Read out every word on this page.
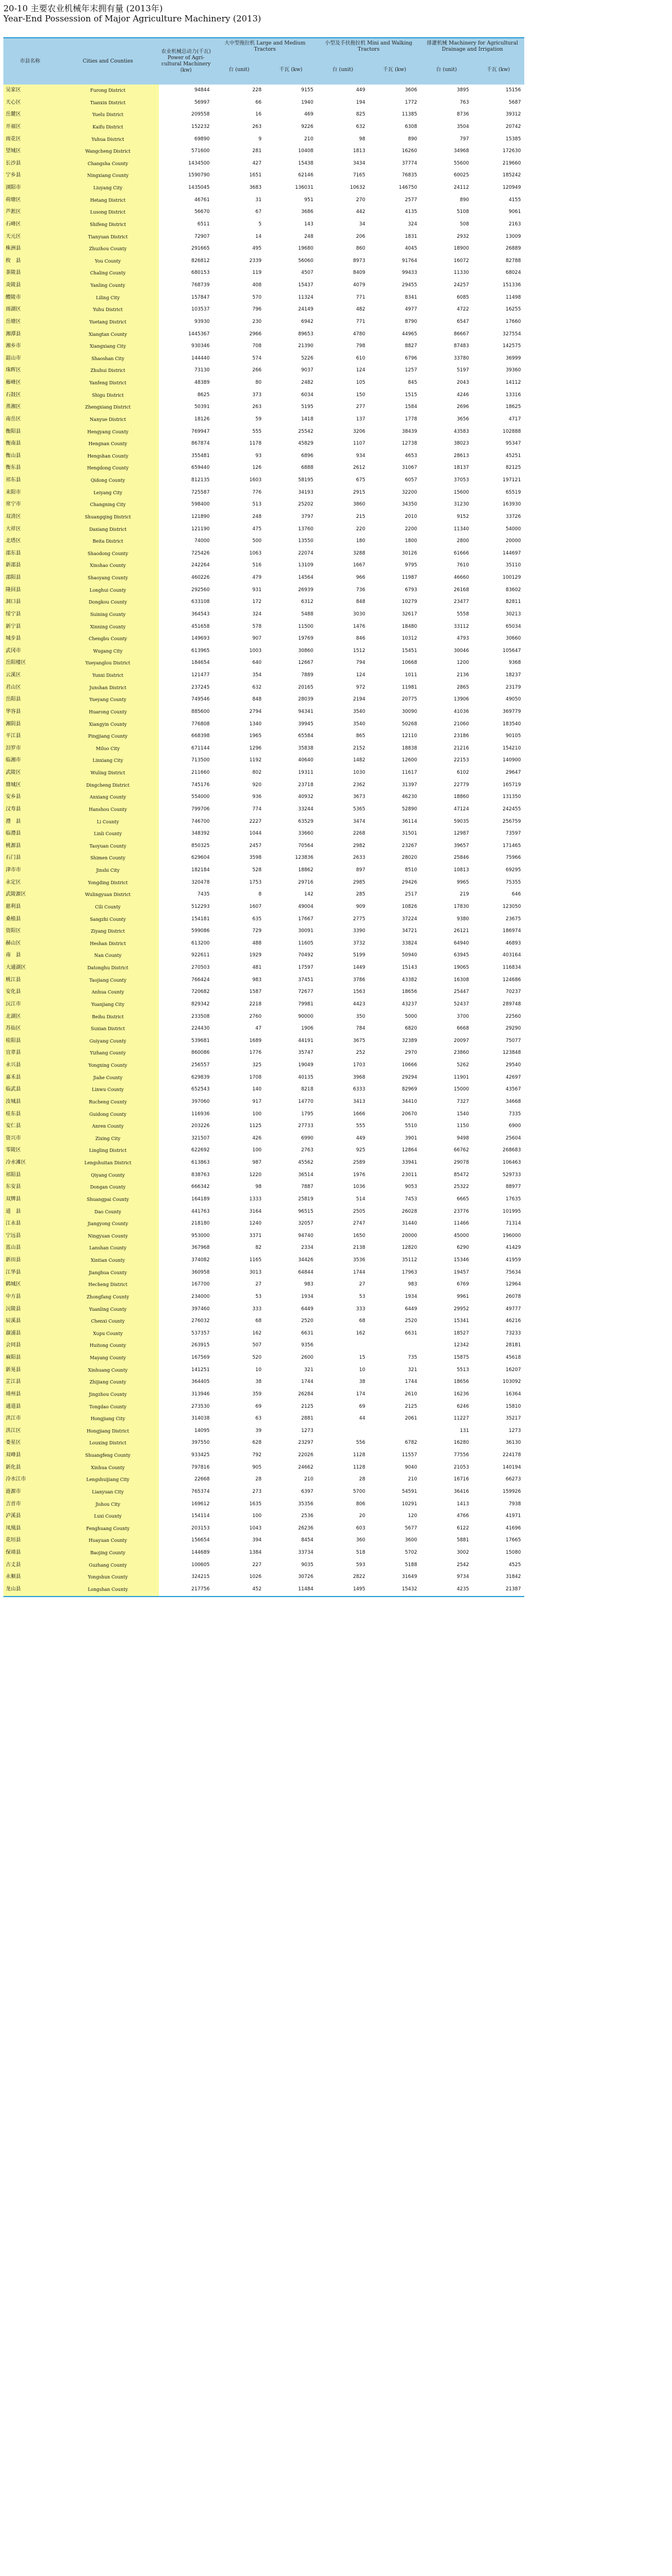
20-10 主要农业机械年末拥有量 (2013年)
Year-End Possession of Major Agriculture Machinery (2013)
市县名称	Cities and Counties	农业机械总动力(千瓦) Power of Agri-cultural Machinery (kw)	大中型拖拉机 Large and Medium Tractors		小型及手扶拖拉机 Mini and Walking Tractors		排灌机械 Machinery for Agricultural Drainage and Irrigation	
			台 (unit)	千瓦 (kw)	台 (unit)	千瓦 (kw)	台 (unit)	千瓦 (kw)

吴家区	Furong District	94844	228	9155	449	3606	3895	15156
天心区	Tianxin District	56997	66	1940	194	1772	763	5687
岳麓区	Yuelu District	209558	16	469	825	11385	8736	39312
开福区	Kaifu District	152232	263	9226	632	6308	3504	20742
雨花区	Yuhua District	69890	9	210	98	890	797	15385
望城区	Wangcheng District	571600	281	10408	1813	16260	34968	172630
长沙县	Changsha County	1434500	427	15438	3434	37774	55600	219660
宁乡县	Ningxiang County	1590790	1651	62146	7165	76835	60025	185242
浏阳市	Liuyang City	1435045	3683	136031	10632	146750	24112	120949
荷塘区	Hetang District	46761	31	951	270	2577	890	4155
芦淞区	Lusong District	56670	67	3686	442	4135	5108	9061
石峰区	Shifeng District	6511	5	143	34	324	508	2163
天元区	Tianyuan District	72907	14	248	206	1831	2932	13009
株洲县	Zhuzhou County	291665	495	19680	860	4045	18900	26889
攸　县	You County	826812	2339	56060	8973	91764	16072	82788
茶陵县	Chaling County	680153	119	4507	8409	99433	11330	68024
炎陵县	Yanling County	768739	408	15437	4079	29455	24257	151336
醴陵市	Liling City	157847	570	11324	771	8341	6085	11498
雨湖区	Yuhu District	103537	796	24149	482	4977	4722	16255
岳塘区	Yuetang District	93930	230	6942	771	8790	6547	17660
湘潭县	Xiangtan County	1445367	2966	89653	4780	44965	86667	327554
湘乡市	Xiangxiang City	930346	708	21390	798	8827	87483	142575
韶山市	Shaoshan City	144440	574	5226	610	6796	33780	36999
珠晖区	Zhuhui District	73130	266	9037	124	1257	5197	39360
雁峰区	Yanfeng District	48389	80	2482	105	845	2043	14112
石鼓区	Shigu District	8625	373	6034	150	1515	4246	13316
蒸湘区	Zhengxiang District	50391	263	5195	277	1584	2696	18625
南岳区	Nanyue District	18126	59	1418	137	1778	3656	4717
衡阳县	Hengyang County	769947	555	25542	3206	38439	43583	102888
衡南县	Hengnan County	867874	1178	45829	1107	12738	38023	95347
衡山县	Hengshan County	355481	93	6896	934	4653	28613	45251
衡东县	Hengdong County	659440	126	6888	2612	31067	18137	82125
祁东县	Qidong County	812135	1603	58195	675	6057	37053	197121
耒阳市	Leiyang City	725587	776	34193	2915	32200	15600	65519
常宁市	Changning City	598400	513	25202	3860	34350	31230	163930
双清区	Shuangqing District	121890	248	3797	215	2010	9152	33726
大祥区	Daxiang District	121190	475	13760	220	2200	11340	54000
北塔区	Beita District	74000	500	13550	180	1800	2800	20000
邵东县	Shaodong County	725426	1063	22074	3288	30126	61666	144697
新邵县	Xinshao County	242264	516	13109	1667	9795	7610	35110
邵阳县	Shaoyang County	460226	479	14564	966	11987	46660	100129
隆回县	Longhui County	292560	931	26939	736	6793	26168	83602
洞口县	Dongkou County	633108	172	6312	848	10279	23477	82811
绥宁县	Suining County	364543	324	5488	3030	32617	5558	30213
新宁县	Xinning County	451658	578	11500	1476	18480	33112	65034
城步县	Chengbu County	149693	907	19769	846	10312	4793	30660
武冈市	Wugang City	613965	1003	30860	1512	15451	30046	105647
岳阳楼区	Yueyanglou District	184654	640	12667	794	10668	1200	9368
云溪区	Yunxi District	121477	354	7889	124	1011	2136	18237
君山区	Junshan District	237245	632	20165	972	11981	2865	23179
岳阳县	Yueyang County	749546	848	28039	2194	20775	13906	49050
华容县	Huarong County	885600	2794	94341	3540	30090	41036	369779
湘阴县	Xiangyin County	776808	1340	39945	3540	50268	21060	183540
平江县	Pingjiang County	668398	1965	65584	865	12110	23186	90105
汨罗市	Miluo City	671144	1296	35838	2152	18838	21216	154210
临湘市	Linxiang City	713500	1192	40640	1482	12600	22153	140900
武陵区	Wuling District	211660	802	19311	1030	11617	6102	29647
鼎城区	Dingcheng District	745176	920	23718	2362	31397	22779	165719
安乡县	Anxiang County	554000	936	40932	3673	46230	18860	131350
汉寿县	Hanshou County	799706	774	33244	5365	52890	47124	242455
澧　县	Li County	746700	2227	63529	3474	36114	59035	256759
临澧县	Linli County	348392	1044	33660	2268	31501	12987	73597
桃源县	Taoyuan County	850325	2457	70564	2982	23267	39657	171465
石门县	Shimen County	629604	3598	123836	2633	28020	25846	75966
津市市	Jinshi City	182184	528	18862	897	8510	10813	69295
永定区	Yongding District	320478	1753	29716	2985	29426	9965	75355
武陵源区	Wulingyuan District	7435	8	142	285	2517	219	646
慈利县	Cili County	512293	1607	49004	909	10826	17830	123050
桑植县	Sangzhi County	154181	635	17667	2775	37224	9380	23675
资阳区	Ziyang District	599086	729	30091	3390	34721	26121	186974
赫山区	Heshan District	613200	488	11605	3732	33824	64940	46893
南　县	Nan County	922611	1929	70492	5199	50940	63945	403164
大通湖区	Datonghu District	270503	481	17597	1449	15143	19065	116834
桃江县	Taojiang County	766424	983	37451	3786	43382	16308	124686
安化县	Anhua County	720682	1587	72677	1563	18656	25447	70237
沅江市	Yuanjiang City	829342	2218	79981	4423	43237	52437	289748
北湖区	Beihu District	233508	2760	90000	350	5000	3700	22560
苏仙区	Suxian District	224430	47	1906	784	6820	6668	29290
桂阳县	Guiyang County	539681	1689	44191	3675	32389	20097	75077
宜章县	Yizhang County	860086	1776	35747	252	2970	23860	123848
永兴县	Yongxing County	256557	325	19049	1703	10666	5262	29540
嘉禾县	Jiahe County	629839	1708	40135	3968	29294	11901	42697
临武县	Linwu County	652543	140	8218	6333	82969	15000	43567
汝城县	Rucheng County	397060	917	14770	3413	34410	7327	34668
桂东县	Guidong County	116936	100	1795	1666	20670	1540	7335
安仁县	Anren County	203226	1125	27733	555	5510	1150	6900
资兴市	Zixing City	321507	426	6990	449	3901	9498	25604
零陵区	Lingling District	622692	100	2763	925	12864	66762	268683
冷水滩区	Lengshuitan District	613863	987	45562	2589	33941	29078	106463
祁阳县	Qiyang County	838763	1220	36514	1976	23011	85472	529733
东安县	Dongan County	666342	98	7887	1036	9053	25322	88977
双牌县	Shuangpai County	164189	1333	25819	514	7453	6665	17635
道　县	Dao County	441763	3164	96515	2505	26028	23776	101995
江永县	Jiangyong County	218180	1240	32057	2747	31440	11466	71314
宁远县	Ningyuan County	953000	3371	94740	1650	20000	45000	196000
蓝山县	Lanshan County	367968	82	2334	2138	12820	6290	41429
新田县	Xintian County	374082	1165	34426	3536	35112	15346	41959
江华县	Jianghua County	360958	3013	64844	1744	17963	19457	75634
鹤城区	Hecheng District	167700	27	983	27	983	6769	12964
中方县	Zhongfang County	234000	53	1934	53	1934	9961	26078
沅陵县	Yuanling County	397460	333	6449	333	6449	29952	49777
辰溪县	Chenxi County	276032	68	2520	68	2520	15341	46216
溆浦县	Xupu County	537357	162	6631	162	6631	18527	73233
会同县	Huitong County	263915	507	9356			12342	28181
麻阳县	Mayang County	167569	520	2600	15	735	15875	45618
新晃县	Xinhuang County	141251	10	321	10	321	5513	16207
芷江县	Zhijiang County	364405	38	1744	38	1744	18656	103092
靖州县	Jingzhou County	313946	359	26284	174	2610	16236	16364
通道县	Tongdao County	273530	69	2125	69	2125	6246	15810
洪江市	Hongjiang City	314038	63	2881	44	2061	11227	35217
洪江区	Hongjiang District	14095	39	1273			131	1273
娄星区	Louxing District	397550	628	23297	556	6782	16280	36130
双峰县	Shuangfeng County	933425	792	22026	1128	11557	77556	224178
新化县	Xinhua County	797816	905	24662	1128	9040	21053	140194
冷水江市	Lengshuijiang City	22668	28	210	28	210	16716	66273
涟源市	Lianyuan City	765374	273	6397	5700	54591	36416	159926
吉首市	Jishou City	169612	1635	35356	806	10291	1413	7938
泸溪县	Luxi County	154114	100	2536	20	120	4766	41971
凤凰县	Fenghuang County	203153	1043	26236	603	5677	6122	41696
花垣县	Huayuan County	156654	394	8454	360	3600	5881	17665
保靖县	Baojing County	144689	1384	33734	518	5702	3002	15080
古丈县	Guzhang County	100605	227	9035	593	5188	2542	4525
永顺县	Yongshun County	324215	1026	30726	2822	31649	9734	31842
龙山县	Longshan County	217756	452	11484	1495	15432	4235	21387
